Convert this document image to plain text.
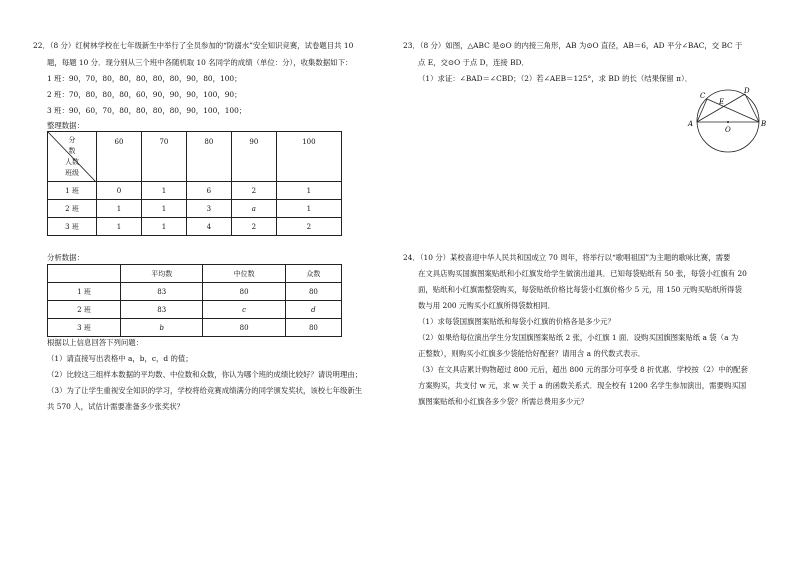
22．（8 分）红树林学校在七年级新生中举行了全员参加的“防溺水”安全知识竞赛，试卷题目共 10
题，每题 10 分．现分别从三个班中各随机取 10 名同学的成绩（单位：分），收集数据如下：
1 班：90，70，80，80，80，80，80，90，80，100；
2 班：70，80，80，80，60，90，90，90，100，90；
3 班：90，60，70，80，80，80，80，90，100，100；
整理数据：
分
数
人数
班级	60	70	80	90	100
1 班	0	1	6	2	1
2 班	1	1	3	a	1
3 班	1	1	4	2	2
分析数据：
	平均数	中位数	众数
1 班	83	80	80
2 班	83	c	d
3 班	b	80	80
根据以上信息回答下列问题：
（1）请直接写出表格中 a，b，c，d 的值；
（2）比较这三组样本数据的平均数、中位数和众数，你认为哪个班的成绩比较好？请说明理由；
（3）为了让学生重视安全知识的学习，学校将给竞赛成绩满分的同学颁发奖状，该校七年级新生
共 570 人，试估计需要准备多少张奖状？
23．（8 分）如图，△ABC 是⊙O 的内接三角形，AB 为⊙O 直径，AB＝6，AD 平分∠BAC，交 BC 于
点 E，交⊙O 于点 D，连接 BD．
（1）求证：∠BAD＝∠CBD；（2）若∠AEB＝125°，求 BD 的长（结果保留 π）．
A	B
C
D
E
O
24．（10 分）某校喜迎中华人民共和国成立 70 周年，将举行以“歌唱祖国”为主题的歌咏比赛，需要
在文具店购买国旗图案贴纸和小红旗发给学生做演出道具．已知每袋贴纸有 50 张，每袋小红旗有 20
面，贴纸和小红旗需整袋购买，每袋贴纸价格比每袋小红旗价格少 5 元，用 150 元购买贴纸所得袋
数与用 200 元购买小红旗所得袋数相同．
（1）求每袋国旗图案贴纸和每袋小红旗的价格各是多少元？
（2）如果给每位演出学生分发国旗图案贴纸 2 张，小红旗 1 面．设购买国旗图案贴纸 a 袋（a 为
正整数），则购买小红旗多少袋能恰好配套？请用含 a 的代数式表示．
（3）在文具店累计购物超过 800 元后，超出 800 元的部分可享受 8 折优惠．学校按（2）中的配套
方案购买，共支付 w 元，求 w 关于 a 的函数关系式．现全校有 1200 名学生参加演出，需要购买国
旗图案贴纸和小红旗各多少袋？所需总费用多少元？
